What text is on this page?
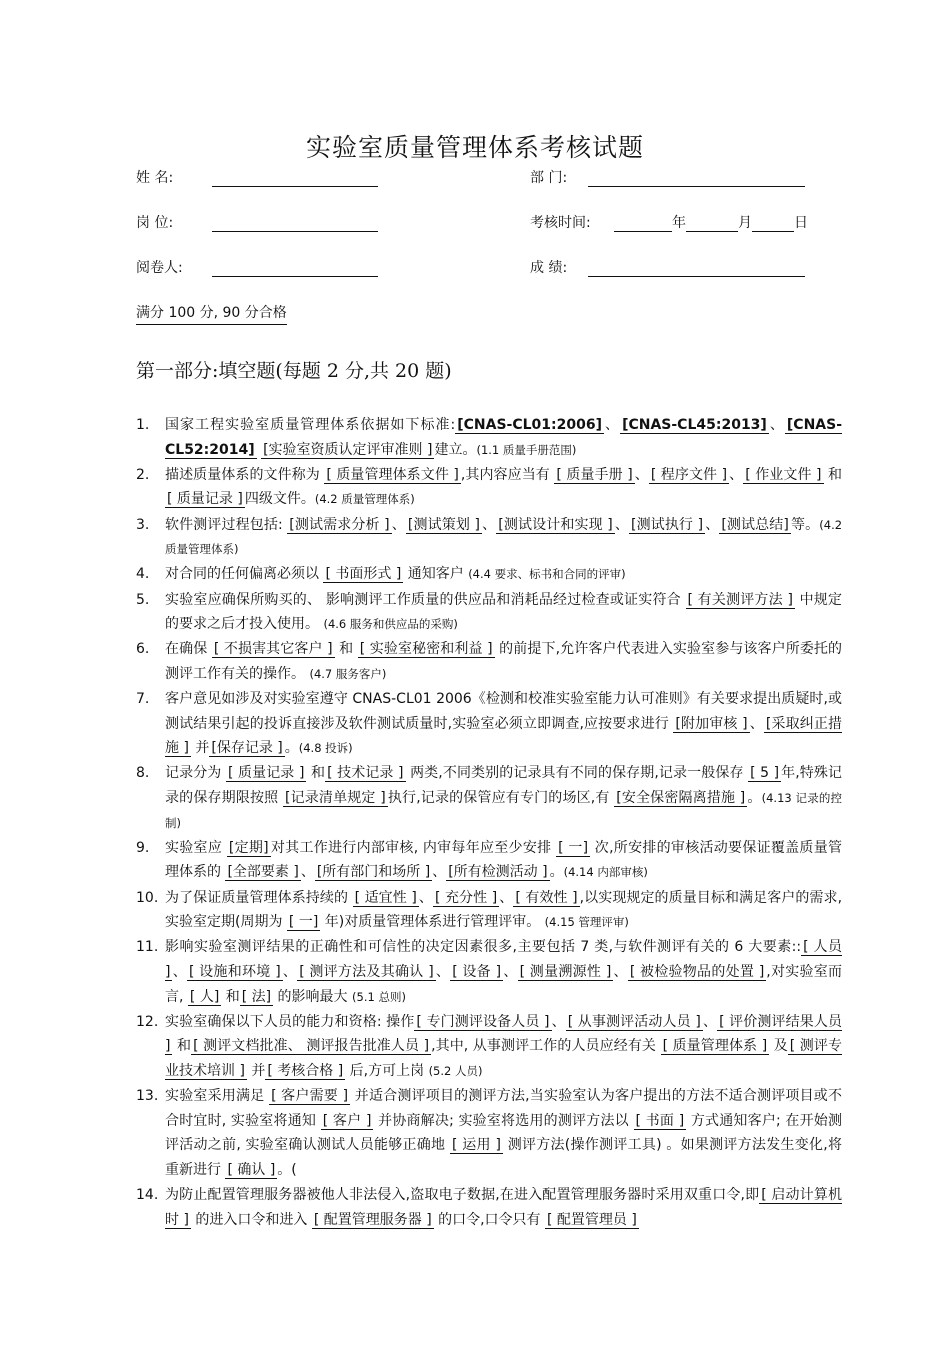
实验室质量管理体系考核试题
姓 名:	部 门:
岗 位:	考核时间:	年	月	日
阅卷人:	成 绩:
满分 100 分, 90 分合格
第一部分:填空题(每题 2 分,共 20 题)
1.	国家工程实验室质量管理体系依据如下标准: [CNAS-CL01:2006] 、 [CNAS-CL45:2013] 、 [CNAS-CL52:2014] [实验室资质认定评审准则 ] 建立。(1.1 质量手册范围)
2.	描述质量体系的文件称为 [ 质量管理体系文件 ] ,其内容应当有 [ 质量手册 ] 、 [ 程序文件 ] 、 [ 作业文件 ] 和[ 质量记录 ] 四级文件。(4.2 质量管理体系)
3.	软件测评过程包括: [测试需求分析 ] 、 [测试策划 ] 、 [测试设计和实现 ] 、 [测试执行 ] 、 [测试总结] 等。(4.2 质量管理体系)
4.	对合同的任何偏离必须以 [ 书面形式 ] 通知客户 (4.4 要求、标书和合同的评审)
5.	实验室应确保所购买的、 影响测评工作质量的供应品和消耗品经过检查或证实符合 [ 有关测评方法 ] 中规定的要求之后才投入使用。 (4.6 服务和供应品的采购)
6.	在确保 [ 不损害其它客户 ] 和 [ 实验室秘密和利益 ] 的前提下,允许客户代表进入实验室参与该客户所委托的测评工作有关的操作。 (4.7 服务客户)
7.	客户意见如涉及对实验室遵守 CNAS-CL01 2006《检测和校准实验室能力认可准则》有关要求提出质疑时,或测试结果引起的投诉直接涉及软件测试质量时,实验室必须立即调查,应按要求进行 [附加审核 ] 、 [采取纠正措施 ] 并 [保存记录 ] 。(4.8 投诉)
8.	记录分为 [ 质量记录 ] 和 [ 技术记录 ] 两类,不同类别的记录具有不同的保存期,记录一般保存 [ 5 ] 年,特殊记录的保存期限按照 [记录清单规定 ] 执行,记录的保管应有专门的场区,有 [安全保密隔离措施 ] 。(4.13 记录的控制)
9.	实验室应 [定期] 对其工作进行内部审核, 内审每年应至少安排 [ 一] 次,所安排的审核活动要保证覆盖质量管理体系的 [全部要素 ] 、 [所有部门和场所 ] 、 [所有检测活动 ] 。(4.14 内部审核)
10. 为了保证质量管理体系持续的 [ 适宜性 ] 、 [ 充分性 ] 、 [ 有效性 ] ,以实现规定的质量目标和满足客户的需求,实验室定期(周期为 [ 一] 年)对质量管理体系进行管理评审。 (4.15 管理评审)
11. 影响实验室测评结果的正确性和可信性的决定因素很多,主要包括 7 类,与软件测评有关的 6 大要素:: [ 人员 ] 、 [ 设施和环境 ] 、 [ 测评方法及其确认 ] 、 [ 设备 ] 、 [ 测量溯源性 ] 、 [ 被检验物品的处置 ] ,对实验室而言, [ 人] 和 [ 法] 的影响最大 (5.1 总则)
12. 实验室确保以下人员的能力和资格: 操作 [ 专门测评设备人员 ] 、 [ 从事测评活动人员 ] 、 [ 评价测评结果人员 ] 和 [ 测评文档批准、 测评报告批准人员 ] ,其中, 从事测评工作的人员应经有关 [ 质量管理体系 ] 及 [ 测评专业技术培训 ] 并 [ 考核合格 ] 后,方可上岗 (5.2 人员)
13. 实验室采用满足 [ 客户需要 ] 并适合测评项目的测评方法,当实验室认为客户提出的方法不适合测评项目或不合时宜时, 实验室将通知 [ 客户 ] 并协商解决; 实验室将选用的测评方法以 [ 书面 ] 方式通知客户; 在开始测评活动之前, 实验室确认测试人员能够正确地 [ 运用 ] 测评方法(操作测评工具) 。如果测评方法发生变化,将重新进行 [ 确认 ] 。(
14. 为防止配置管理服务器被他人非法侵入,盗取电子数据,在进入配置管理服务器时采用双重口令,即 [ 启动计算机时 ] 的进入口令和进入 [ 配置管理服务器 ] 的口令,口令只有 [ 配置管理员 ]
